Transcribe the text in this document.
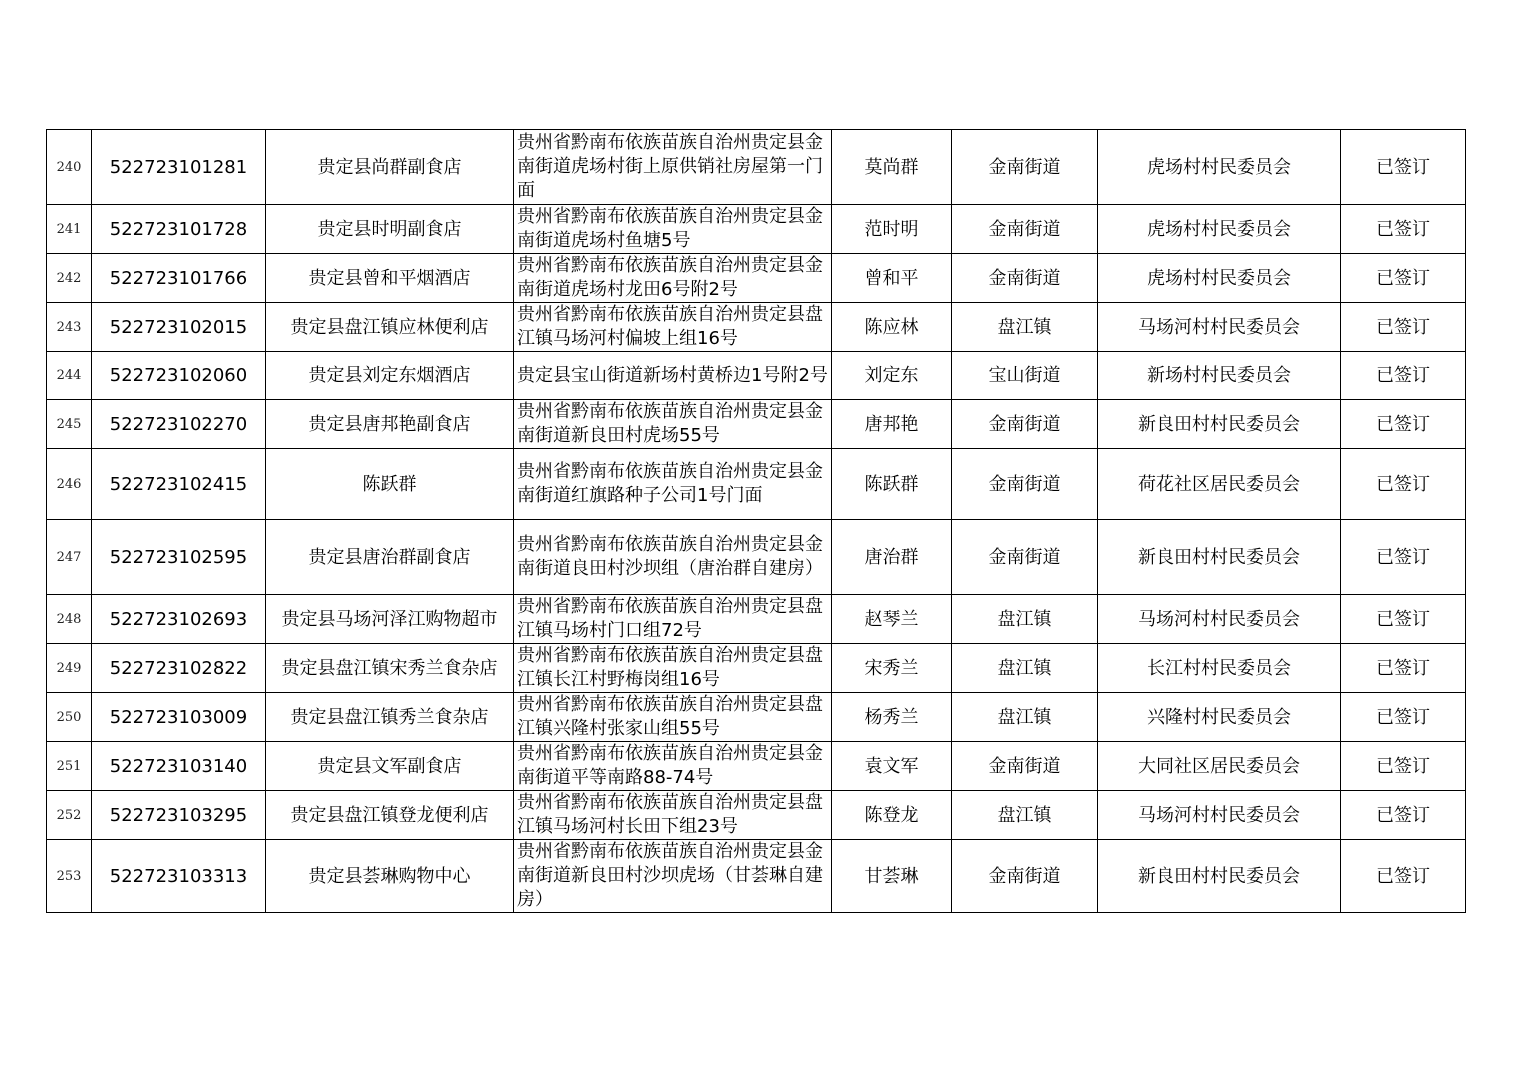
240	522723101281	贵定县尚群副食店	贵州省黔南布依族苗族自治州贵定县金南街道虎场村街上原供销社房屋第一门面	莫尚群	金南街道	虎场村村民委员会	已签订
241	522723101728	贵定县时明副食店	贵州省黔南布依族苗族自治州贵定县金南街道虎场村鱼塘5号	范时明	金南街道	虎场村村民委员会	已签订
242	522723101766	贵定县曾和平烟酒店	贵州省黔南布依族苗族自治州贵定县金南街道虎场村龙田6号附2号	曾和平	金南街道	虎场村村民委员会	已签订
243	522723102015	贵定县盘江镇应林便利店	贵州省黔南布依族苗族自治州贵定县盘江镇马场河村偏坡上组16号	陈应林	盘江镇	马场河村村民委员会	已签订
244	522723102060	贵定县刘定东烟酒店	贵定县宝山街道新场村黄桥边1号附2号	刘定东	宝山街道	新场村村民委员会	已签订
245	522723102270	贵定县唐邦艳副食店	贵州省黔南布依族苗族自治州贵定县金南街道新良田村虎场55号	唐邦艳	金南街道	新良田村村民委员会	已签订
246	522723102415	陈跃群	贵州省黔南布依族苗族自治州贵定县金南街道红旗路种子公司1号门面	陈跃群	金南街道	荷花社区居民委员会	已签订
247	522723102595	贵定县唐治群副食店	贵州省黔南布依族苗族自治州贵定县金南街道良田村沙坝组（唐治群自建房）	唐治群	金南街道	新良田村村民委员会	已签订
248	522723102693	贵定县马场河泽江购物超市	贵州省黔南布依族苗族自治州贵定县盘江镇马场村门口组72号	赵琴兰	盘江镇	马场河村村民委员会	已签订
249	522723102822	贵定县盘江镇宋秀兰食杂店	贵州省黔南布依族苗族自治州贵定县盘江镇长江村野梅岗组16号	宋秀兰	盘江镇	长江村村民委员会	已签订
250	522723103009	贵定县盘江镇秀兰食杂店	贵州省黔南布依族苗族自治州贵定县盘江镇兴隆村张家山组55号	杨秀兰	盘江镇	兴隆村村民委员会	已签订
251	522723103140	贵定县文军副食店	贵州省黔南布依族苗族自治州贵定县金南街道平等南路88-74号	袁文军	金南街道	大同社区居民委员会	已签订
252	522723103295	贵定县盘江镇登龙便利店	贵州省黔南布依族苗族自治州贵定县盘江镇马场河村长田下组23号	陈登龙	盘江镇	马场河村村民委员会	已签订
253	522723103313	贵定县荟琳购物中心	贵州省黔南布依族苗族自治州贵定县金南街道新良田村沙坝虎场（甘荟琳自建房）	甘荟琳	金南街道	新良田村村民委员会	已签订
